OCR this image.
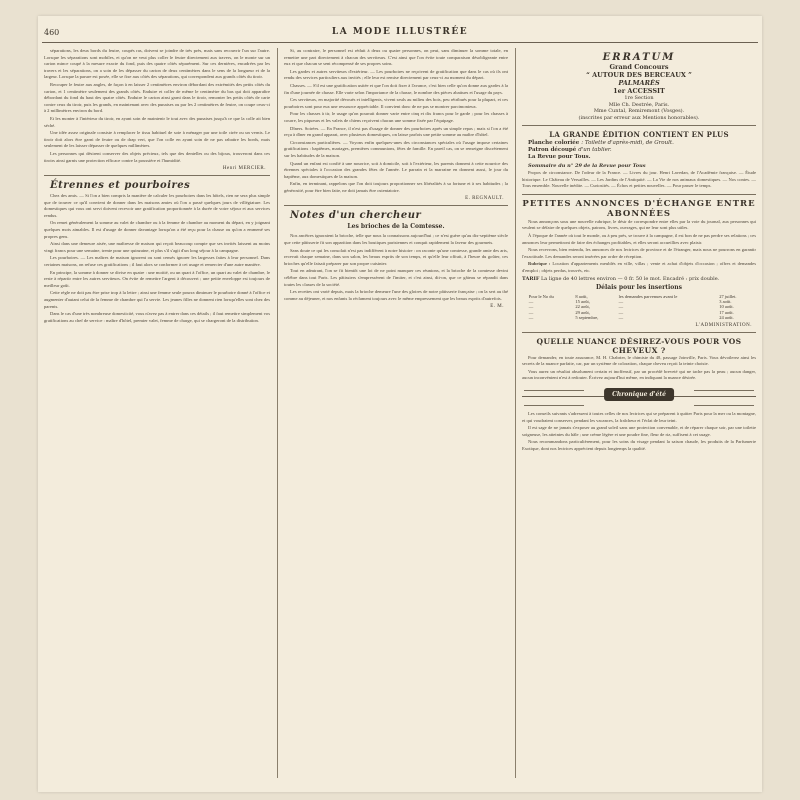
460	LA MODE ILLUSTRÉE

séparations, les deux bords du feutre, coupés ras, doivent se joindre de très près, mais sans recouvrir l'un sur l'autre. Lorsque les séparations sont mobiles, et qu'on ne veut plus coller le feutre directement aux travers, on le monte sur un carton mince coupé à la mesure exacte du fond, puis des quatre côtés séparément. Sur ces dernières, encadrées par les travers et les séparations, on a soin de les dépasser du carton de deux centimètres dans le sens de la longueur et de la largeur. Lorsque la parure est posée, elle se fixe aux côtés des séparations, qui correspondent aux grands côtés du tiroir.

Recouper le feutre aux angles, de façon à en laisser 2 centimètres environ débordant des extrémités des petits côtés du carton, et 1 centimètre seulement des grands côtés. Enduire et coller de même le centimètre du bas qui doit apparaître débordant du fond du haut des quatre côtés. Enduire le carton ainsi garni dans le tiroir, remonter les petits côtés de carte contre ceux du tiroir, puis les grands, en maintenant avec des punaises ou par les 2 centimètres de feutre, on coupe ceux-ci à 2 millimètres environ du bord.

Et les monter à l'intérieur du tiroir, en ayant soin de maintenir le tout avec des punaises jusqu'à ce que la colle ait bien séché.

Une idée assez originale consiste à remplacer le tissu habituel de soie à ménager par une toile cirée ou un vernis. Le tiroir doit alors être garni de feutre ou de drap vert, que l'on colle en ayant soin de ne pas rabattre les bords, mais seulement de les laisser dépasser de quelques millimètres.

Les personnes qui désirent conserver des objets précieux, tels que des dentelles ou des bijoux, trouveront dans ces tiroirs ainsi garnis une protection efficace contre la poussière et l'humidité.

Henri MERCIER.
Étrennes et pourboires

Chez des amis. — Si l'on a bien compris la manière de calculer les pourboires dans les hôtels, rien ne sera plus simple que de trouver ce qu'il convient de donner dans les maisons amies où l'on a passé quelques jours de villégiature. Les domestiques qui vous ont servi doivent recevoir une gratification proportionnée à la durée de votre séjour et aux services rendus.

On remet généralement la somme au valet de chambre ou à la femme de chambre au moment du départ, en y joignant quelques mots aimables. Il est d'usage de donner davantage lorsqu'on a été reçu pour la chasse ou qu'on a emmené ses propres gens.

Ainsi dans une demeure aisée, une maîtresse de maison qui reçoit beaucoup compte que ses invités laissent au moins vingt francs pour une semaine, trente pour une quinzaine, et plus s'il s'agit d'un long séjour à la campagne.

Les pourboires. — Les maîtres de maison ignorent ou sont censés ignorer les largesses faites à leur personnel. Dans certaines maisons, on refuse ces gratifications ; il faut alors se conformer à cet usage et remercier d'une autre manière.

En principe, la somme à donner se divise en quatre : une moitié, ou un quart à l'office, un quart au valet de chambre, le reste à répartir entre les autres serviteurs. On évite de remettre l'argent à découvert ; une petite enveloppe est toujours de meilleur goût.

Cette règle ne doit pas être prise trop à la lettre ; ainsi une femme seule pourra diminuer le pourboire donné à l'office et augmenter d'autant celui de la femme de chambre qui l'a servie. Les jeunes filles ne donnent rien lorsqu'elles sont chez des parents.

Dans le cas d'une très nombreuse domesticité, vous n'avez pas à entrer dans ces détails ; il faut remettre simplement vos gratifications au chef de service : maître d'hôtel, premier valet, femme de charge, qui se chargeront de la distribution.

Si, au contraire, le personnel est réduit à deux ou quatre personnes, on peut, sans diminuer la somme totale, en remettre une part directement à chacun des serviteurs. C'est ainsi que l'on évite toute comparaison désobligeante entre eux et que chacun se sent récompensé de ses propres soins.

Les gardes et autres serviteurs d'extérieur. — Les pourboires ne reçoivent de gratification que dans le cas où ils ont rendu des services particuliers aux invités ; elle leur est remise directement par ceux-ci au moment du départ.

Chasses. — S'il est une gratification usitée et que l'on doit fixer à l'avance, c'est bien celle qu'on donne aux gardes à la fin d'une journée de chasse. Elle varie selon l'importance de la chasse, le nombre des pièces abattues et l'usage du pays.

Ces serviteurs, en majorité dévoués et intelligents, vivent seuls au milieu des bois, peu rétribués pour la plupart, et ces pourboires sont pour eux une ressource appréciable. Il convient donc de ne pas se montrer parcimonieux.

Pour les chasses à tir, le usage qu'on pourrait donner varie entre cinq et dix francs pour le garde ; pour les chasses à courre, les piqueurs et les valets de chiens reçoivent chacun une somme fixée par l'équipage.

Dîners. Soirées. — En France, il n'est pas d'usage de donner des pourboires après un simple repas ; mais si l'on a été reçu à dîner en grand apparat, avec plusieurs domestiques, on laisse parfois une petite somme au maître d'hôtel.

Circonstances particulières. — Voyons enfin quelques-unes des circonstances spéciales où l'usage impose certaines gratifications : baptêmes, mariages, premières communions, fêtes de famille. En pareil cas, on se renseigne discrètement sur les habitudes de la maison.

Quand un enfant est confié à une nourrice, soit à domicile, soit à l'extérieur, les parents donnent à cette nourrice des étrennes spéciales à l'occasion des grandes fêtes de l'année. Le parrain et la marraine en donnent aussi, le jour du baptême, aux domestiques de la maison.

Enfin, en terminant, rappelons que l'on doit toujours proportionner ses libéralités à sa fortune et à ses habitudes ; la générosité, pour être bien faite, ne doit jamais être ostentatoire.

E. REGNAULT.
Notes d'un chercheur
Les brioches de la Comtesse.

Nos ancêtres ignoraient la brioche, telle que nous la connaissons aujourd'hui ; ce n'est guère qu'au dix-septième siècle que cette pâtisserie fit son apparition dans les boutiques parisiennes et conquit rapidement la faveur des gourmets.

Sans doute ce qui les consolait n'est pas indifférent à notre histoire : on raconte qu'une comtesse, grande amie des arts, recevait chaque semaine, dans son salon, les beaux esprits de son temps, et qu'elle leur offrait, à l'heure du goûter, ces brioches qu'elle faisait préparer par son propre cuisinier.

Tout en admirant, l'on se fit bientôt une loi de ne point manquer ces réunions, et la brioche de la comtesse devint célèbre dans tout Paris. Les pâtissiers s'empressèrent de l'imiter, et c'est ainsi, dit-on, que ce gâteau se répandit dans toutes les classes de la société.

Les recettes ont varié depuis, mais la brioche demeure l'une des gloires de notre pâtisserie française ; on la sert au thé comme au déjeuner, et nos enfants la réclament toujours avec le même empressement que les beaux esprits d'autrefois.

E. M.
ERRATUM
Grand Concours
“ AUTOUR DES BERCEAUX ”
PALMARÈS
1er ACCESSIT
1re Section
Mlle Ch. Destrée, Paris.
Mme Cuntal, Remiremont (Vosges).
(inscrites par erreur aux Mentions honorables).
LA GRANDE ÉDITION CONTIENT EN PLUS
Planche coloriée : Toilette d'après-midi, de Groult.
Patron découpé d'un tablier.
La Revue pour Tous.
Sommaire du n° 29 de la Revue pour Tous

Propos de circonstance. De l'odeur de la France. — Livres du jour. Henri Lavedan, de l'Académie française. — Étude historique. Le Château de Versailles. — Les Jardins de l'Antiquité. — La Vie de nos animaux domestiques. — Nos contes. — Tous ensemble. Nouvelle inédite. — Curiosités. — Échos et petites nouvelles. — Pour passer le temps.

PETITES ANNONCES D'ÉCHANGE ENTRE ABONNÉES

Nous annonçons sous une nouvelle rubrique, le désir de correspondre entre elles par la voie du journal, aux personnes qui veulent se défaire de quelques objets, patrons, livres, ouvrages, qui ne leur sont plus utiles.

À l'époque de l'année où tout le monde, ou à peu près, se trouve à la campagne, il est bon de ne pas perdre ses relations ; ces annonces leur permettront de faire des échanges profitables, et elles seront accueillies avec plaisir.

Nous recevrons, bien entendu, les annonces de nos lectrices de province et de l'étranger, mais nous ne pourrons en garantir l'exactitude. Les demandes seront insérées par ordre de réception.

Rubrique : Location d'appartements meublés en ville, villas ; vente et achat d'objets d'occasion ; offres et demandes d'emploi ; objets perdus, trouvés, etc.

TARIF La ligne de 40 lettres environ — 0 fr. 50 le mot. Encadré : prix double.
Délais pour les insertions
Pour le No du	8 août,	les demandes parvenues avant le	27 juillet.
—	15 août,	—	3 août.
—	22 août,	—	10 août.
—	29 août,	—	17 août.
—	5 septembre,	—	24 août.
L'ADMINISTRATION.
QUELLE NUANCE DÉSIREZ-VOUS POUR VOS CHEVEUX ?

Pour demander, en toute assurance, M. H. Chabrier, le chimiste du 48, passage Joinville, Paris. Vous dévoilerez ainsi les secrets de la nuance parfaite, car, par un système de coloration, chaque cheveu reçoit la teinte choisie.

Vous aurez un résultat absolument certain et inoffensif, par un procédé breveté qui ne tache pas la peau ; aucun danger, aucun inconvénient n'est à redouter. Écrivez aujourd'hui même, en indiquant la nuance désirée.

Chronique d'été

Les conseils suivants s'adressent à toutes celles de nos lectrices qui se préparent à quitter Paris pour la mer ou la montagne, et qui voudraient conserver, pendant les vacances, la fraîcheur et l'éclat de leur teint.

Il est sage de ne jamais s'exposer au grand soleil sans une protection convenable, et de réparer chaque soir, par une toilette soigneuse, les atteintes du hâle ; une crème légère et une poudre fine, fleur de riz, suffisent à cet usage.

Nous recommandons particulièrement, pour les soins du visage pendant la saison chaude, les produits de la Parfumerie Exotique, dont nos lectrices apprécient depuis longtemps la qualité.
